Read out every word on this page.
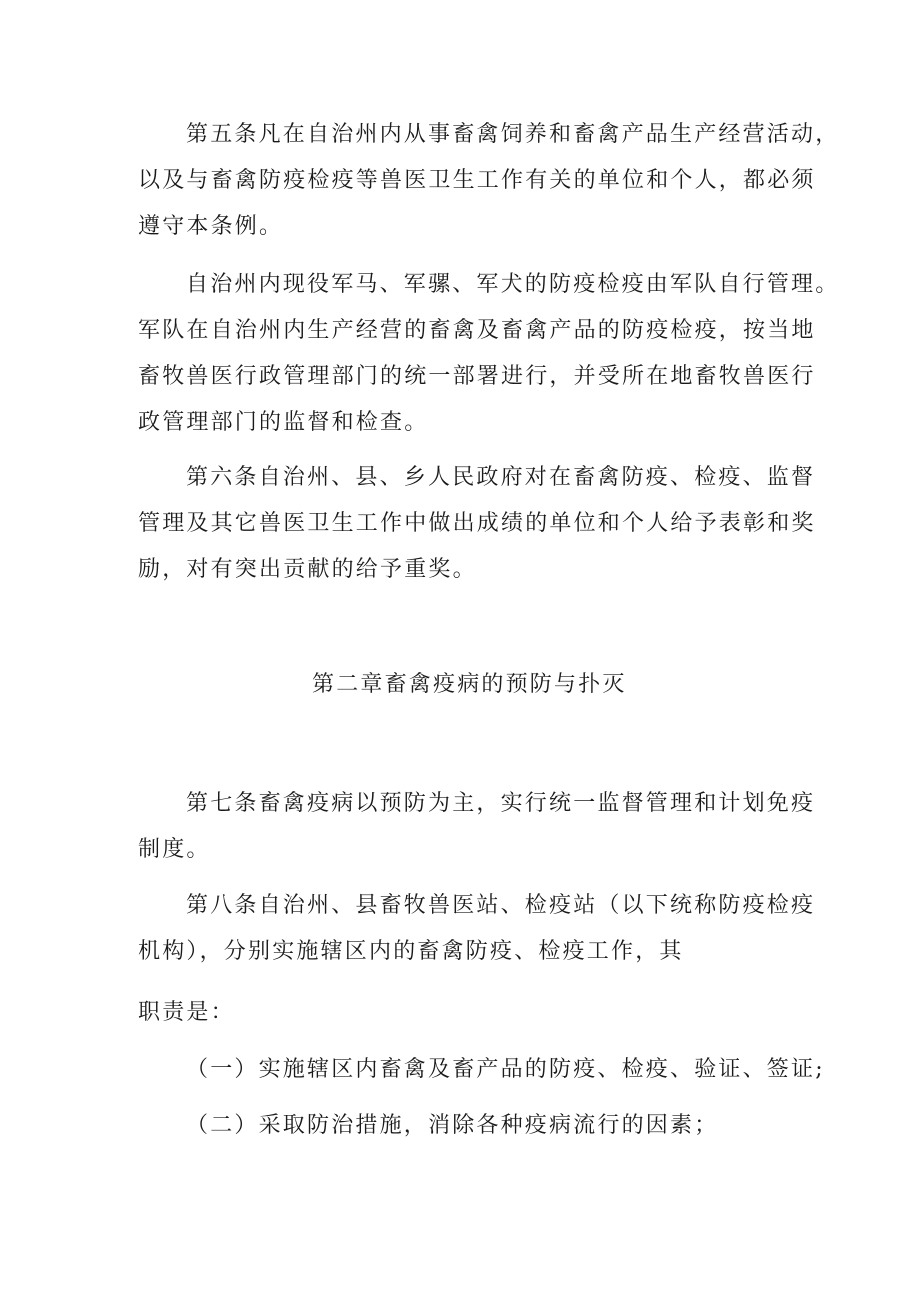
第五条凡在自治州内从事畜禽饲养和畜禽产品生产经营活动，
以及与畜禽防疫检疫等兽医卫生工作有关的单位和个人，都必须
遵守本条例。

自治州内现役军马、军骡、军犬的防疫检疫由军队自行管理。
军队在自治州内生产经营的畜禽及畜禽产品的防疫检疫，按当地
畜牧兽医行政管理部门的统一部署进行，并受所在地畜牧兽医行
政管理部门的监督和检查。

第六条自治州、县、乡人民政府对在畜禽防疫、检疫、监督
管理及其它兽医卫生工作中做出成绩的单位和个人给予表彰和奖
励，对有突出贡献的给予重奖。

第二章畜禽疫病的预防与扑灭

第七条畜禽疫病以预防为主，实行统一监督管理和计划免疫
制度。

第八条自治州、县畜牧兽医站、检疫站（以下统称防疫检疫
机构），分别实施辖区内的畜禽防疫、检疫工作，其

职责是：

（一）实施辖区内畜禽及畜产品的防疫、检疫、验证、签证;

（二）采取防治措施，消除各种疫病流行的因素；
